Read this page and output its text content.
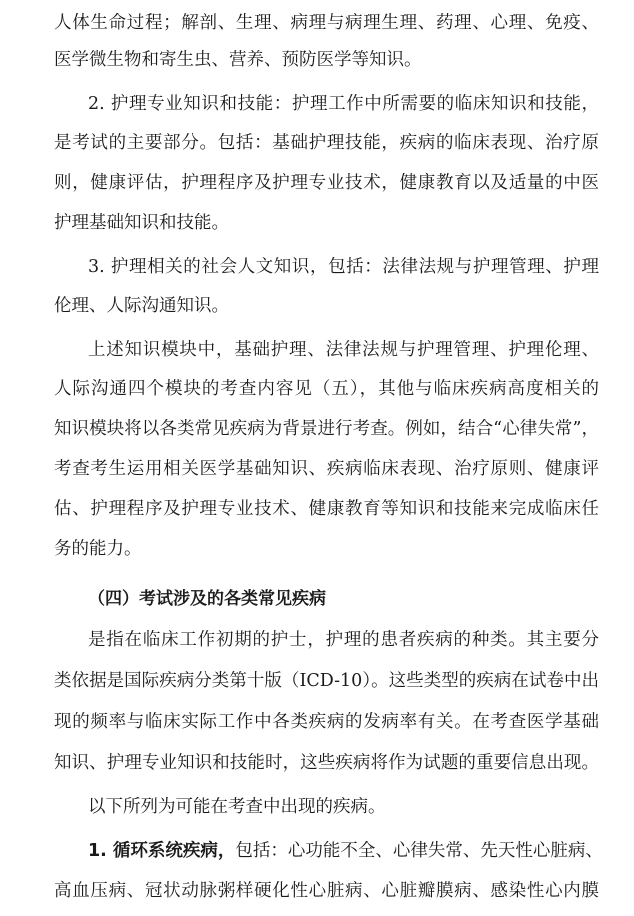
人体生命过程；解剖、生理、病理与病理生理、药理、心理、免疫、
医学微生物和寄生虫、营养、预防医学等知识。
2. 护理专业知识和技能：护理工作中所需要的临床知识和技能，
是考试的主要部分。包括：基础护理技能，疾病的临床表现、治疗原
则，健康评估，护理程序及护理专业技术，健康教育以及适量的中医
护理基础知识和技能。
3. 护理相关的社会人文知识，包括：法律法规与护理管理、护理
伦理、人际沟通知识。
上述知识模块中，基础护理、法律法规与护理管理、护理伦理、
人际沟通四个模块的考查内容见（五），其他与临床疾病高度相关的
知识模块将以各类常见疾病为背景进行考查。例如，结合“心律失常”，
考查考生运用相关医学基础知识、疾病临床表现、治疗原则、健康评
估、护理程序及护理专业技术、健康教育等知识和技能来完成临床任
务的能力。
（四）考试涉及的各类常见疾病
是指在临床工作初期的护士，护理的患者疾病的种类。其主要分
类依据是国际疾病分类第十版（ICD-10）。这些类型的疾病在试卷中出
现的频率与临床实际工作中各类疾病的发病率有关。在考查医学基础
知识、护理专业知识和技能时，这些疾病将作为试题的重要信息出现。
以下所列为可能在考查中出现的疾病。
1. 循环系统疾病，包括：心功能不全、心律失常、先天性心脏病、
高血压病、冠状动脉粥样硬化性心脏病、心脏瓣膜病、感染性心内膜
